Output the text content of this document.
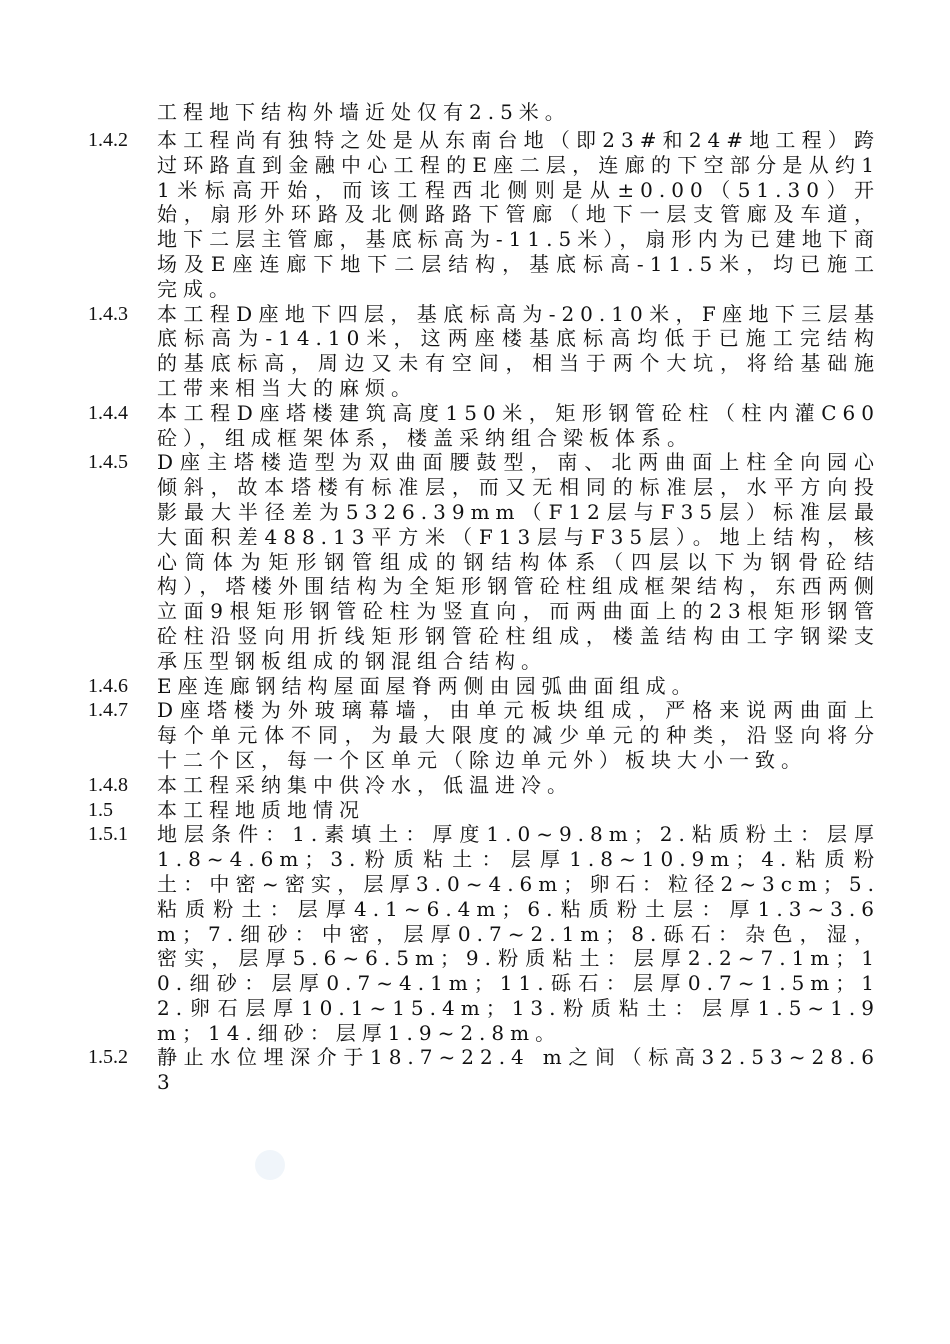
工程地下结构外墙近处仅有2.5米。
1.4.2	本工程尚有独特之处是从东南台地（即23#和24#地工程）跨过环路直到金融中心工程的E座二层，连廊的下空部分是从约11米标高开始，而该工程西北侧则是从±0.00（51.30）开始，扇形外环路及北侧路路下管廊（地下一层支管廊及车道，地下二层主管廊，基底标高为-11.5米），扇形内为已建地下商场及E座连廊下地下二层结构，基底标高-11.5米，均已施工完成。
1.4.3	本工程D座地下四层，基底标高为-20.10米，F座地下三层基底标高为-14.10米，这两座楼基底标高均低于已施工完结构的基底标高，周边又未有空间，相当于两个大坑，将给基础施工带来相当大的麻烦。
1.4.4	本工程D座塔楼建筑高度150米，矩形钢管砼柱（柱内灌C60砼），组成框架体系，楼盖采纳组合梁板体系。
1.4.5	D座主塔楼造型为双曲面腰鼓型，南、北两曲面上柱全向园心倾斜，故本塔楼有标准层，而又无相同的标准层，水平方向投影最大半径差为5326.39mm（F12层与F35层）标准层最大面积差488.13平方米（F13层与F35层）。地上结构，核心筒体为矩形钢管组成的钢结构体系（四层以下为钢骨砼结构），塔楼外围结构为全矩形钢管砼柱组成框架结构，东西两侧立面9根矩形钢管砼柱为竖直向，而两曲面上的23根矩形钢管砼柱沿竖向用折线矩形钢管砼柱组成，楼盖结构由工字钢梁支承压型钢板组成的钢混组合结构。
1.4.6	E座连廊钢结构屋面屋脊两侧由园弧曲面组成。
1.4.7	D座塔楼为外玻璃幕墙，由单元板块组成，严格来说两曲面上每个单元体不同，为最大限度的减少单元的种类，沿竖向将分十二个区，每一个区单元（除边单元外）板块大小一致。
1.4.8	本工程采纳集中供冷水，低温进冷。
1.5	本工程地质地情况
1.5.1	地层条件：1.素填土：厚度1.0~9.8m；2.粘质粉土：层厚1.8~4.6m；3.粉质粘土：层厚1.8~10.9m；4.粘质粉土：中密~密实，层厚3.0~4.6m；卵石：粒径2~3cm；5.粘质粉土：层厚4.1~6.4m；6.粘质粉土层：厚1.3~3.6m；7.细砂：中密，层厚0.7~2.1m；8.砾石：杂色，湿，密实，层厚5.6~6.5m；9.粉质粘土：层厚2.2~7.1m；10.细砂：层厚0.7~4.1m；11.砾石：层厚0.7~1.5m；12.卵石层厚10.1~15.4m；13.粉质粘土：层厚1.5~1.9m；14.细砂：层厚1.9~2.8m。
1.5.2	静止水位埋深介于18.7~22.4 m之间（标高32.53~28.63
